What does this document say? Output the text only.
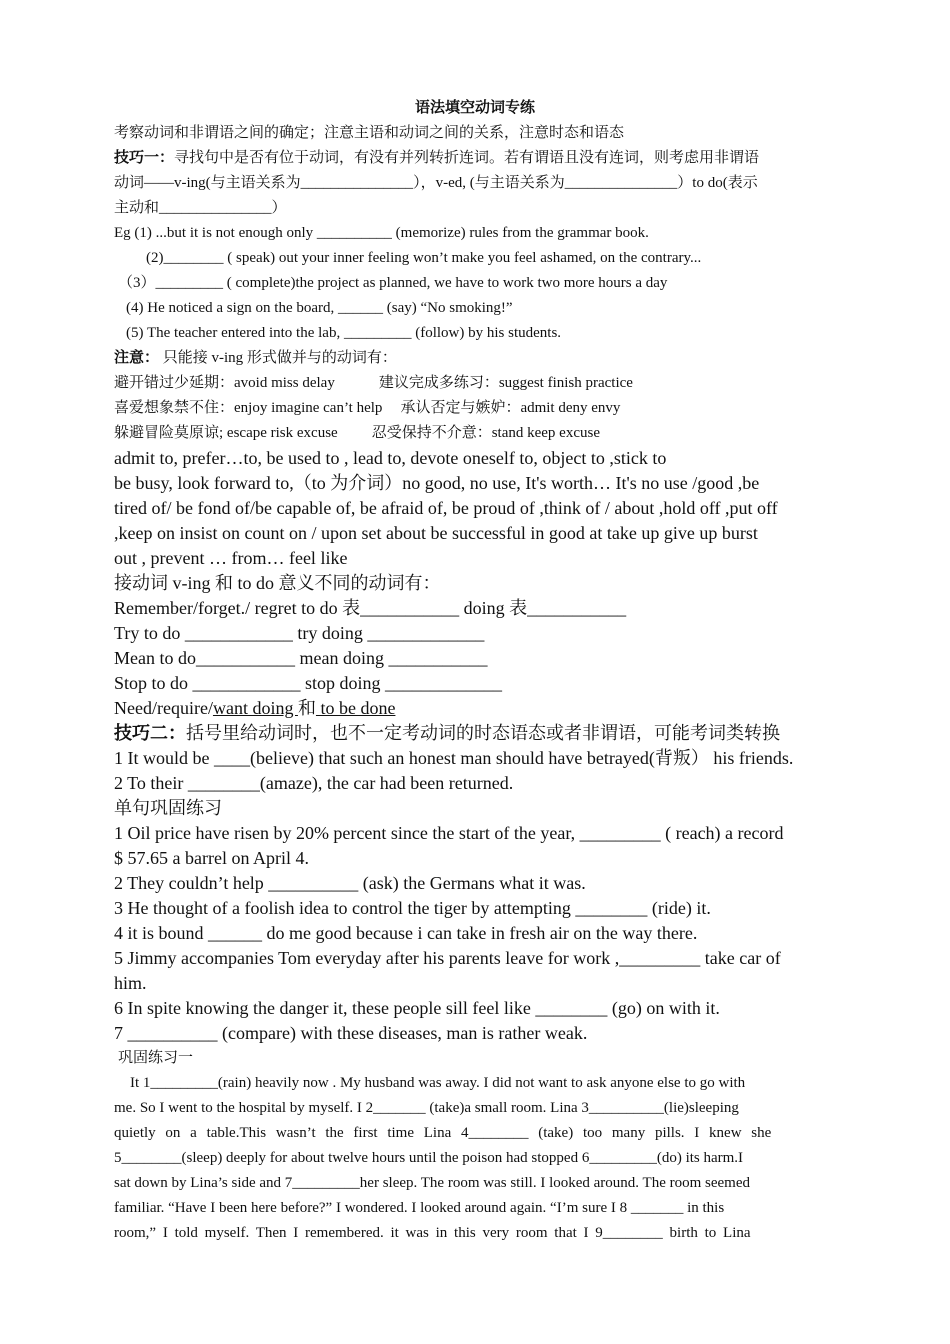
语法填空动词专练
考察动词和非谓语之间的确定；注意主语和动词之间的关系，注意时态和语态
技巧一：寻找句中是否有位于动词，有没有并列转折连词。若有谓语且没有连词，则考虑用非谓语
动词——v-ing(与主语关系为_______________），v-ed, (与主语关系为_______________）to do(表示
主动和_______________）
Eg (1) ...but it is not enough only __________ (memorize) rules from the grammar book.
(2)________ ( speak) out your inner feeling won’t make you feel ashamed, on the contrary...
（3）_________ ( complete)the project as planned, we have to work two more hours a day
(4) He noticed a sign on the board, ______ (say) “No smoking!”
(5) The teacher entered into the lab, _________ (follow) by his students.
注意： 只能接 v-ing 形式做并与的动词有：
避开错过少延期：avoid miss delay	建议完成多练习：suggest finish practice
喜爱想象禁不住：enjoy imagine can’t help 承认否定与嫉妒：admit deny envy
躲避冒险莫原谅; escape risk excuse 忍受保持不介意：stand keep excuse
admit to, prefer…to, be used to , lead to, devote oneself to, object to ,stick to
be busy, look forward to,（to 为介词）no good, no use, It's worth… It's no use /good ,be
tired of/ be fond of/be capable of, be afraid of, be proud of ,think of / about ,hold off ,put off
,keep on insist on count on / upon set about be successful in good at take up give up burst
out , prevent … from… feel like
接动词 v-ing 和 to do 意义不同的动词有：
Remember/forget./ regret to do 表___________ doing 表___________
Try to do ____________ try doing _____________
Mean to do___________ mean doing ___________
Stop to do ____________ stop doing _____________
Need/require/want doing 和 to be done
技巧二：括号里给动词时，也不一定考动词的时态语态或者非谓语，可能考词类转换
1 It would be ____(believe) that such an honest man should have betrayed(背叛） his friends.
2 To their ________(amaze), the car had been returned.
单句巩固练习
1 Oil price have risen by 20% percent since the start of the year, _________ ( reach) a record
$ 57.65 a barrel on April 4.
2 They couldn’t help __________ (ask) the Germans what it was.
3 He thought of a foolish idea to control the tiger by attempting ________ (ride) it.
4 it is bound ______ do me good because i can take in fresh air on the way there.
5 Jimmy accompanies Tom everyday after his parents leave for work ,_________ take car of
him.
6 In spite knowing the danger it, these people sill feel like ________ (go) on with it.
7 __________ (compare) with these diseases, man is rather weak.
巩固练习一
It 1_________(rain) heavily now . My husband was away. I did not want to ask anyone else to go with
me. So I went to the hospital by myself. I 2_______ (take)a small room. Lina 3__________(lie)sleeping
quietly on a table.This wasn’t the first time Lina 4________ (take) too many pills. I knew she
5________(sleep) deeply for about twelve hours until the poison had stopped 6_________(do) its harm.I
sat down by Lina’s side and 7_________her sleep. The room was still. I looked around. The room seemed
familiar. “Have I been here before?” I wondered. I looked around again. “I’m sure I 8 _______ in this
room,” I told myself. Then I remembered. it was in this very room that I 9________ birth to Lina
